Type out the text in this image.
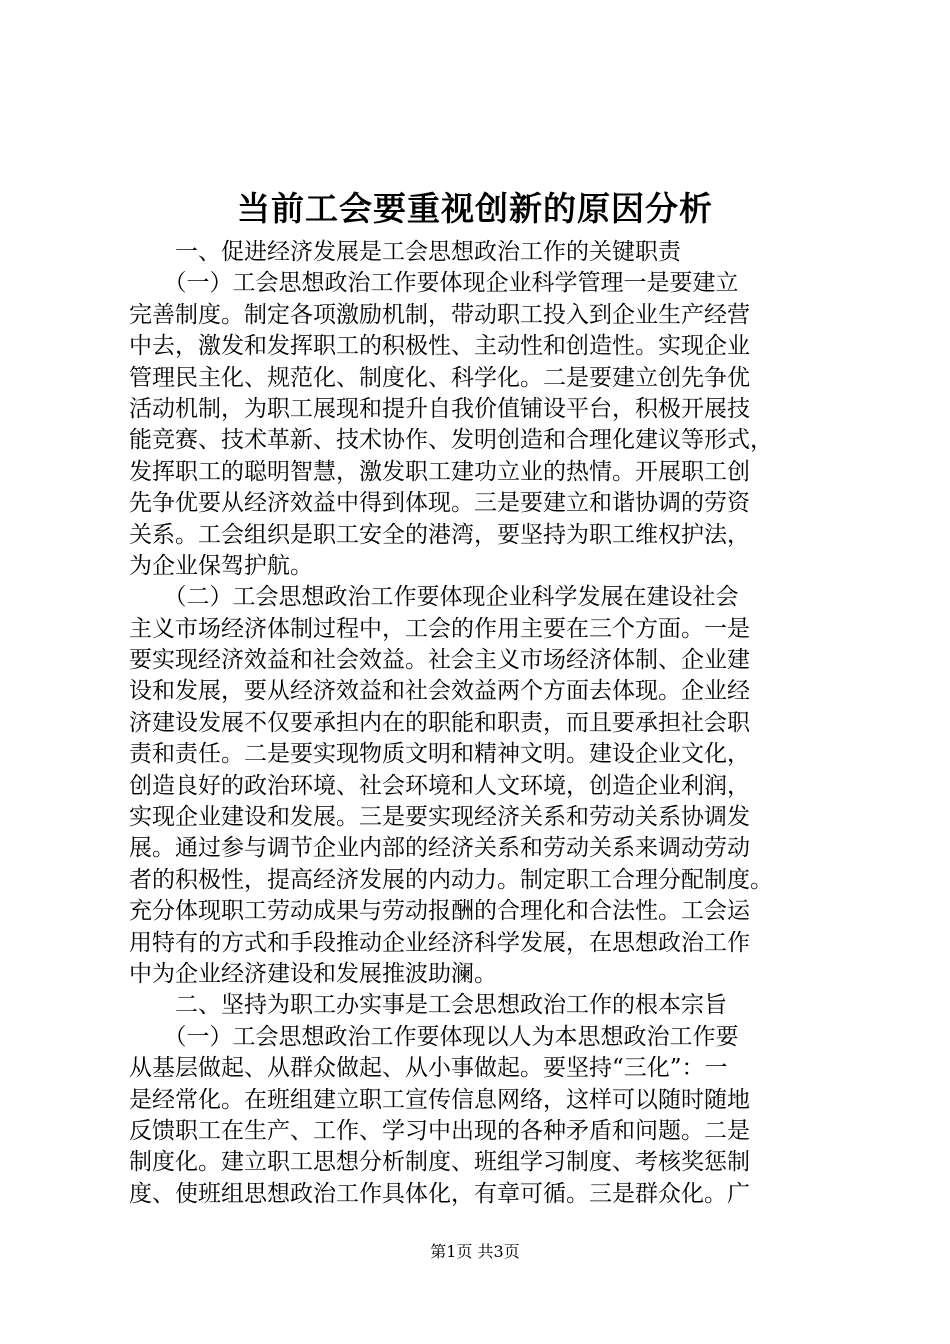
当前工会要重视创新的原因分析
　　一、促进经济发展是工会思想政治工作的关键职责
　　（一）工会思想政治工作要体现企业科学管理一是要建立
完善制度。制定各项激励机制，带动职工投入到企业生产经营
中去，激发和发挥职工的积极性、主动性和创造性。实现企业
管理民主化、规范化、制度化、科学化。二是要建立创先争优
活动机制，为职工展现和提升自我价值铺设平台，积极开展技
能竞赛、技术革新、技术协作、发明创造和合理化建议等形式，
发挥职工的聪明智慧，激发职工建功立业的热情。开展职工创
先争优要从经济效益中得到体现。三是要建立和谐协调的劳资
关系。工会组织是职工安全的港湾，要坚持为职工维权护法，
为企业保驾护航。
　　（二）工会思想政治工作要体现企业科学发展在建设社会
主义市场经济体制过程中，工会的作用主要在三个方面。一是
要实现经济效益和社会效益。社会主义市场经济体制、企业建
设和发展，要从经济效益和社会效益两个方面去体现。企业经
济建设发展不仅要承担内在的职能和职责，而且要承担社会职
责和责任。二是要实现物质文明和精神文明。建设企业文化，
创造良好的政治环境、社会环境和人文环境，创造企业利润，
实现企业建设和发展。三是要实现经济关系和劳动关系协调发
展。通过参与调节企业内部的经济关系和劳动关系来调动劳动
者的积极性，提高经济发展的内动力。制定职工合理分配制度。
充分体现职工劳动成果与劳动报酬的合理化和合法性。工会运
用特有的方式和手段推动企业经济科学发展，在思想政治工作
中为企业经济建设和发展推波助澜。
　　二、坚持为职工办实事是工会思想政治工作的根本宗旨
　　（一）工会思想政治工作要体现以人为本思想政治工作要
从基层做起、从群众做起、从小事做起。要坚持“三化”：一
是经常化。在班组建立职工宣传信息网络，这样可以随时随地
反馈职工在生产、工作、学习中出现的各种矛盾和问题。二是
制度化。建立职工思想分析制度、班组学习制度、考核奖惩制
度、使班组思想政治工作具体化，有章可循。三是群众化。广
第1页 共3页
